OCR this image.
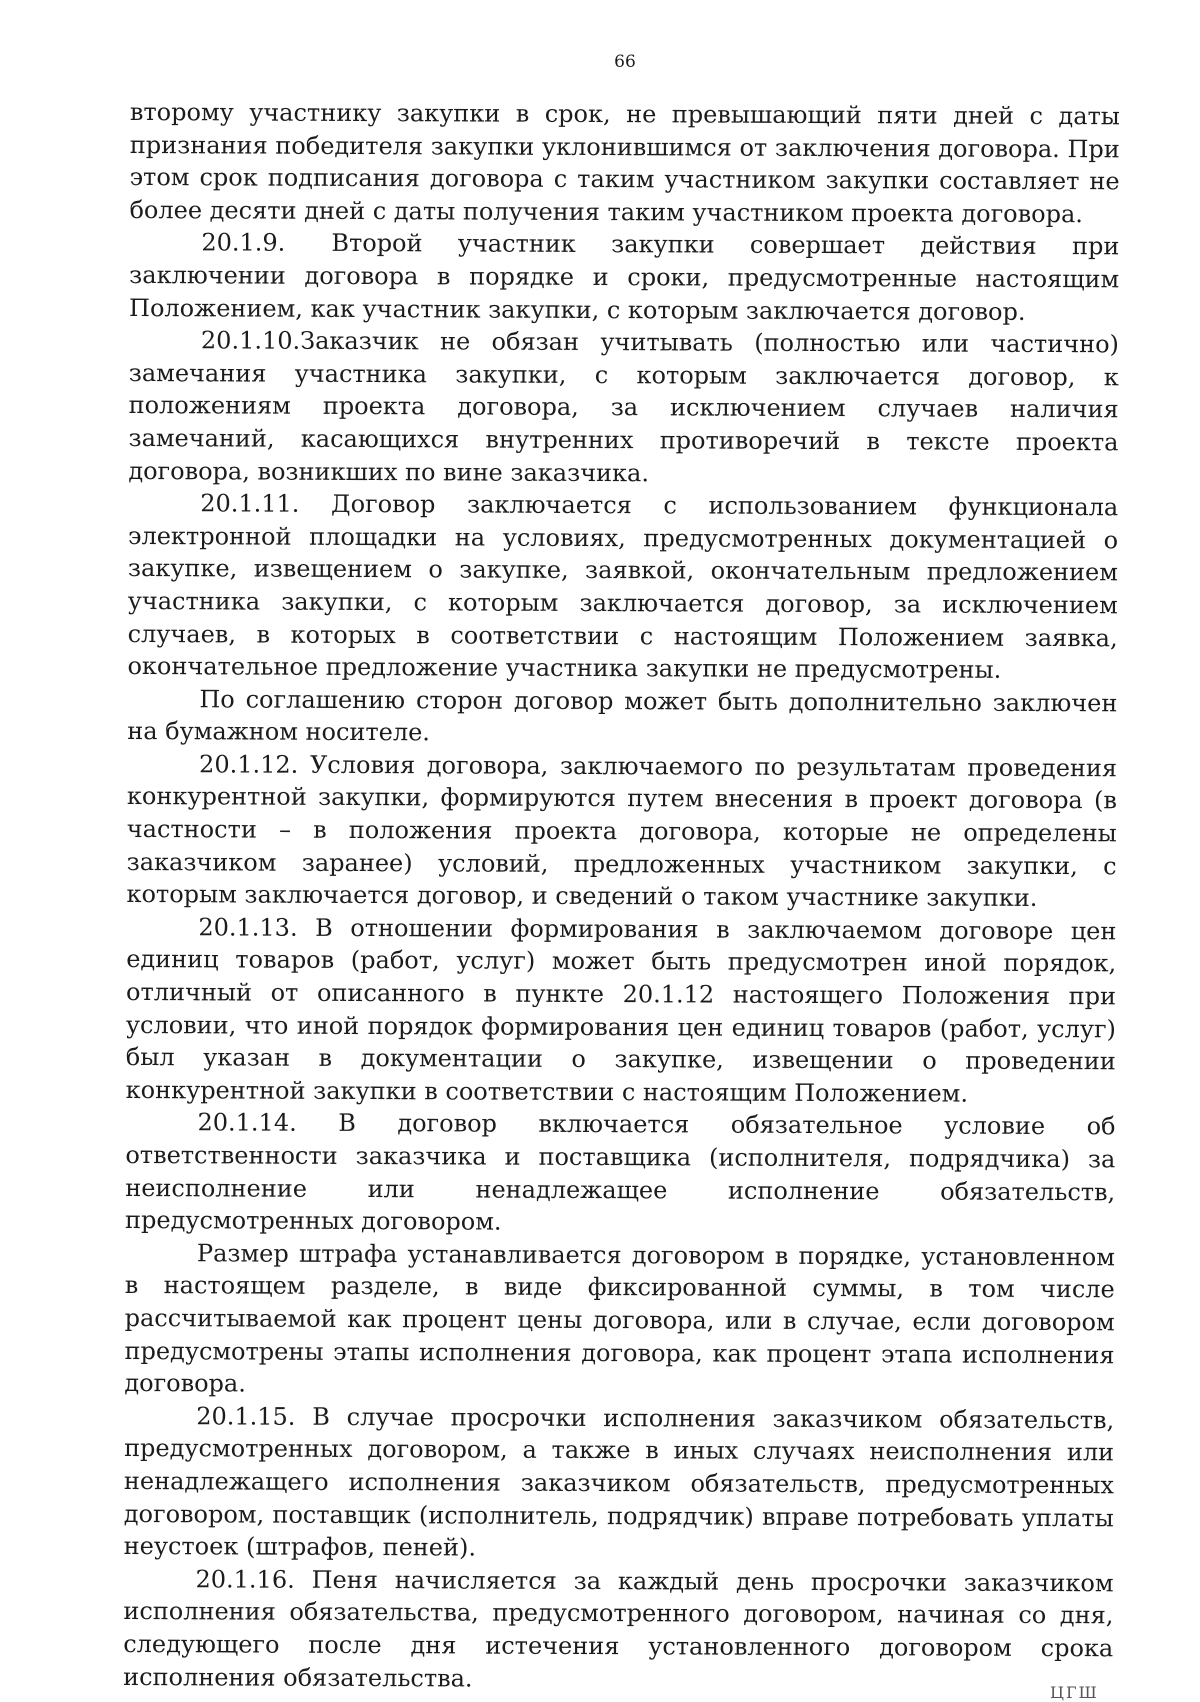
66

второму участнику закупки в срок, не превышающий пяти дней с даты признания победителя закупки уклонившимся от заключения договора. При этом срок подписания договора с таким участником закупки составляет не более десяти дней с даты получения таким участником проекта договора.

20.1.9. Второй участник закупки совершает действия при заключении договора в порядке и сроки, предусмотренные настоящим Положением, как участник закупки, с которым заключается договор.

20.1.10.Заказчик не обязан учитывать (полностью или частично) замечания участника закупки, с которым заключается договор, к положениям проекта договора, за исключением случаев наличия замечаний, касающихся внутренних противоречий в тексте проекта договора, возникших по вине заказчика.

20.1.11. Договор заключается с использованием функционала электронной площадки на условиях, предусмотренных документацией о закупке, извещением о закупке, заявкой, окончательным предложением участника закупки, с которым заключается договор, за исключением случаев, в которых в соответствии с настоящим Положением заявка, окончательное предложение участника закупки не предусмотрены.

По соглашению сторон договор может быть дополнительно заключен на бумажном носителе.

20.1.12. Условия договора, заключаемого по результатам проведения конкурентной закупки, формируются путем внесения в проект договора (в частности – в положения проекта договора, которые не определены заказчиком заранее) условий, предложенных участником закупки, с которым заключается договор, и сведений о таком участнике закупки.

20.1.13. В отношении формирования в заключаемом договоре цен единиц товаров (работ, услуг) может быть предусмотрен иной порядок, отличный от описанного в пункте 20.1.12 настоящего Положения при условии, что иной порядок формирования цен единиц товаров (работ, услуг) был указан в документации о закупке, извещении о проведении конкурентной закупки в соответствии с настоящим Положением.

20.1.14. В договор включается обязательное условие об ответственности заказчика и поставщика (исполнителя, подрядчика) за неисполнение или ненадлежащее исполнение обязательств, предусмотренных договором.

Размер штрафа устанавливается договором в порядке, установленном в настоящем разделе, в виде фиксированной суммы, в том числе рассчитываемой как процент цены договора, или в случае, если договором предусмотрены этапы исполнения договора, как процент этапа исполнения договора.

20.1.15. В случае просрочки исполнения заказчиком обязательств, предусмотренных договором, а также в иных случаях неисполнения или ненадлежащего исполнения заказчиком обязательств, предусмотренных договором, поставщик (исполнитель, подрядчик) вправе потребовать уплаты неустоек (штрафов, пеней).

20.1.16. Пеня начисляется за каждый день просрочки заказчиком исполнения обязательства, предусмотренного договором, начиная со дня, следующего после дня истечения установленного договором срока исполнения обязательства.

ЦГШ
